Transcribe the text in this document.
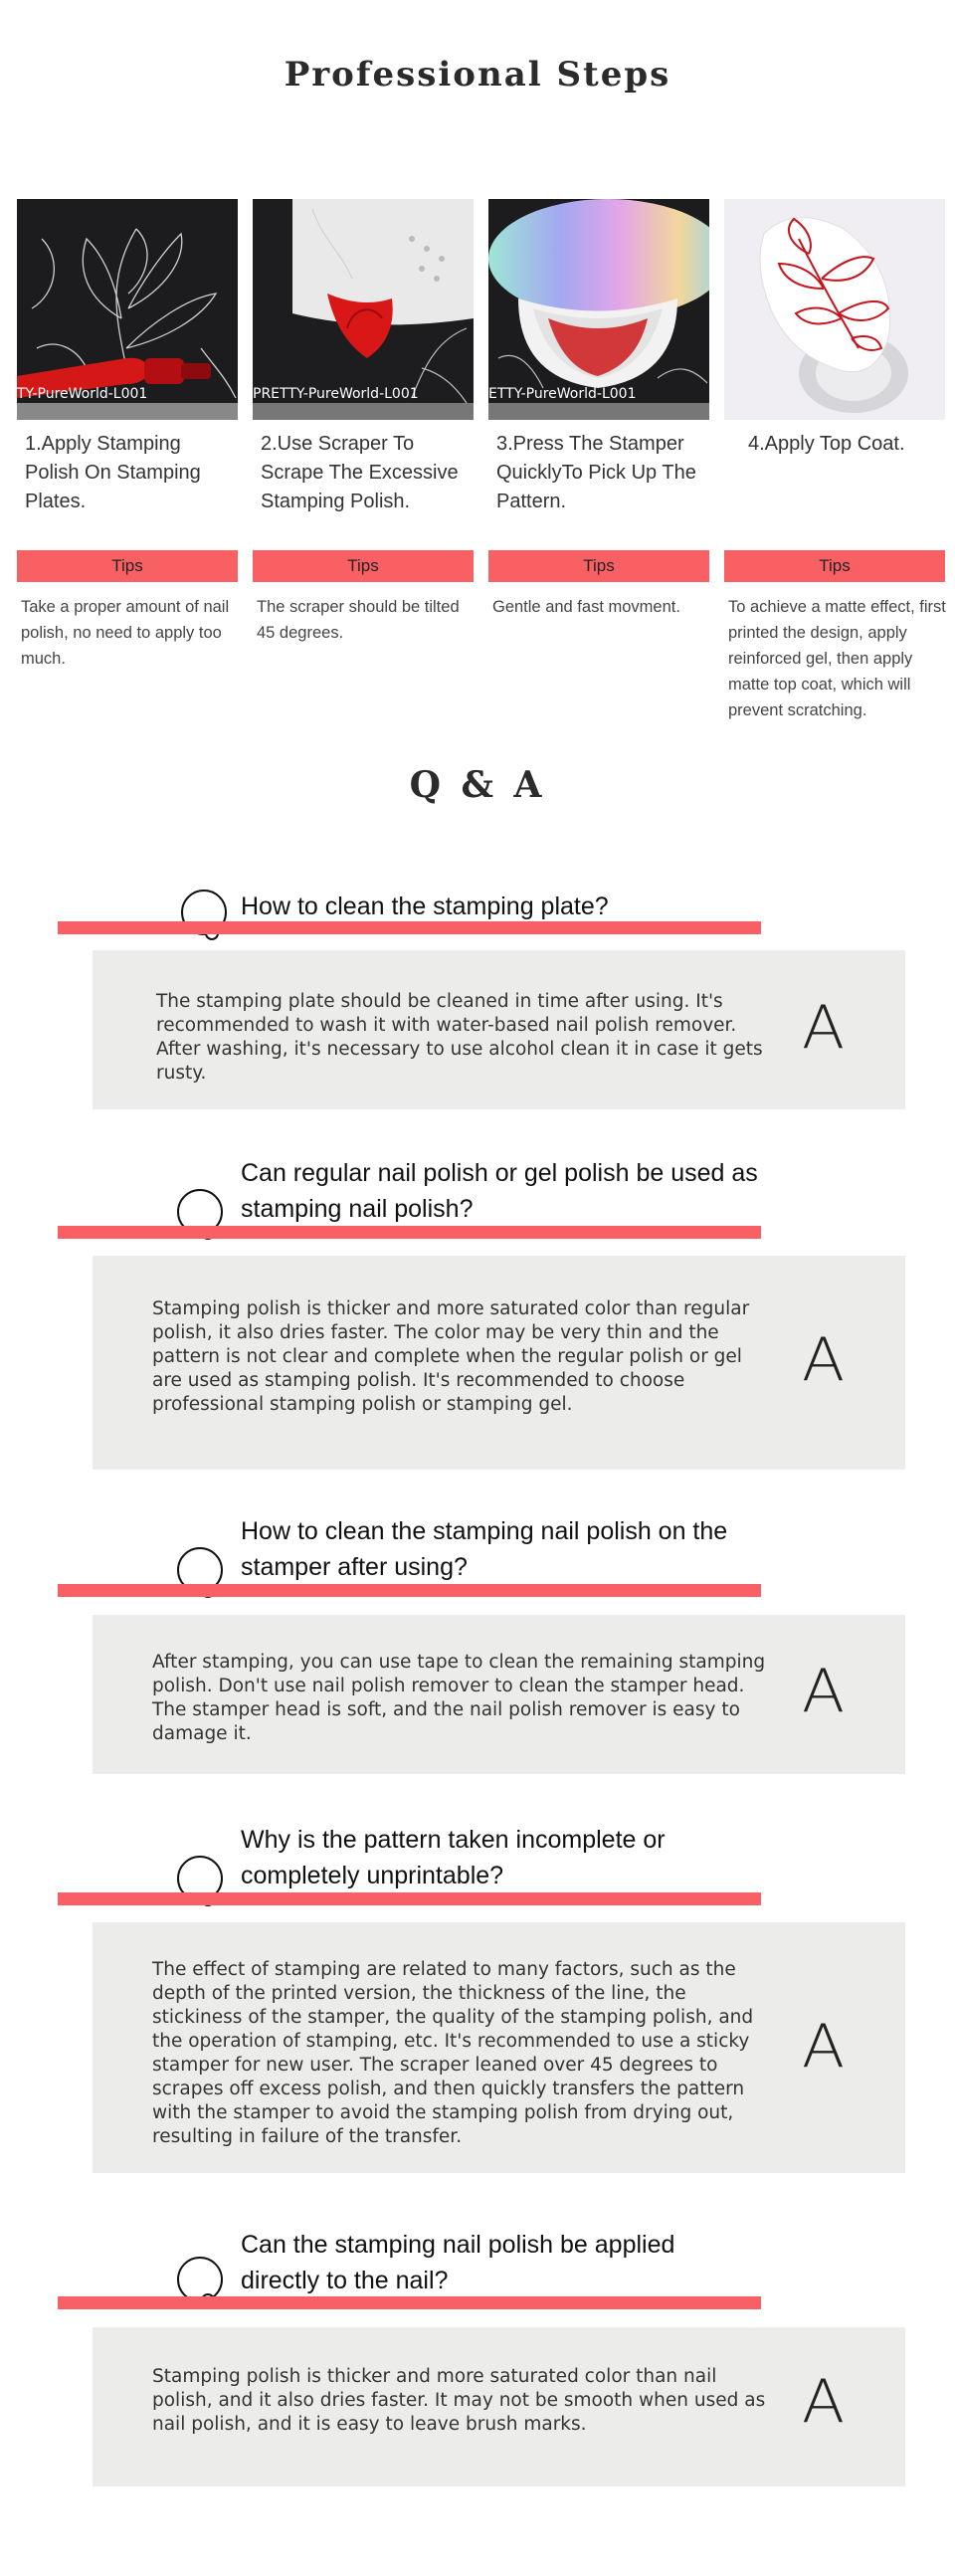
Professional Steps
TY-PureWorld-L001
1.Apply Stamping Polish On Stamping Plates.
Tips
Take a proper amount of nail polish, no need to apply too much.
PRETTY-PureWorld-L001
2.Use Scraper To Scrape The Excessive Stamping Polish.
Tips
The scraper should be tilted 45 degrees.
ETTY-PureWorld-L001
3.Press The Stamper QuicklyTo Pick Up The Pattern.
Tips
Gentle and fast movment.
4.Apply Top Coat.
Tips
To achieve a matte effect, first printed the design, apply reinforced gel, then apply matte top coat, which will prevent scratching.
Q & A
How to clean the stamping plate?
The stamping plate should be cleaned in time after using. It's recommended to wash it with water-based nail polish remover. After washing, it's necessary to use alcohol clean it in case it gets rusty.
A
Can regular nail polish or gel polish be used as stamping nail polish?
Stamping polish is thicker and more saturated color than regular polish, it also dries faster. The color may be very thin and the pattern is not clear and complete when the regular polish or gel are used as stamping polish. It's recommended to choose professional stamping polish or stamping gel.
A
How to clean the stamping nail polish on the stamper after using?
After stamping, you can use tape to clean the remaining stamping polish. Don't use nail polish remover to clean the stamper head. The stamper head is soft, and the nail polish remover is easy to damage it.
A
Why is the pattern taken incomplete or completely unprintable?
The effect of stamping are related to many factors, such as the depth of the printed version, the thickness of the line, the stickiness of the stamper, the quality of the stamping polish, and the operation of stamping, etc. It's recommended to use a sticky stamper for new user. The scraper leaned over 45 degrees to scrapes off excess polish, and then quickly transfers the pattern with the stamper to avoid the stamping polish from drying out, resulting in failure of the transfer.
A
Can the stamping nail polish be applied directly to the nail?
Stamping polish is thicker and more saturated color than nail polish, and it also dries faster. It may not be smooth when used as nail polish, and it is easy to leave brush marks.	A
